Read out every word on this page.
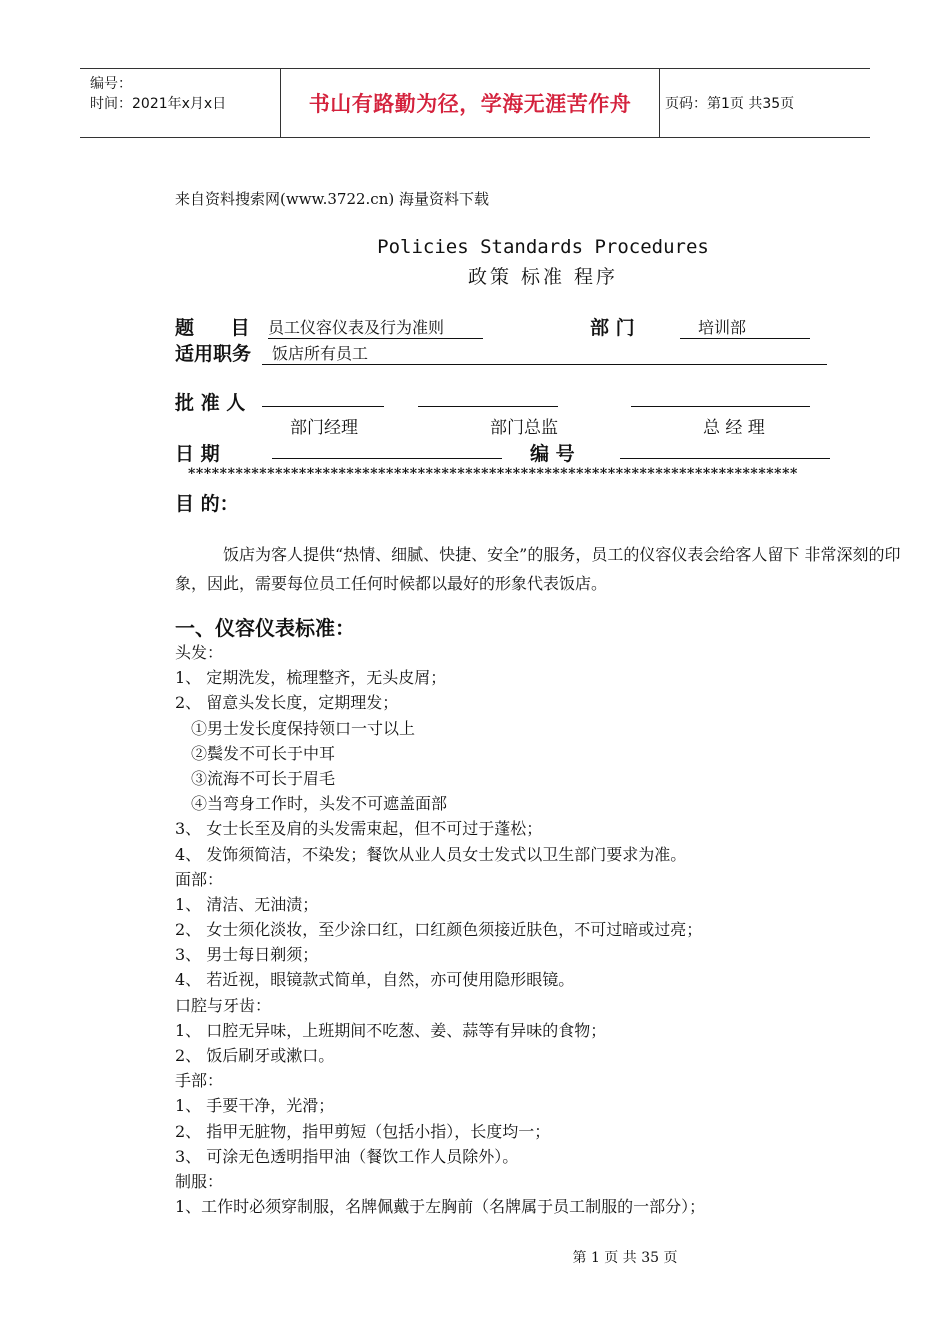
编号：
时间：2021年x月x日	书山有路勤为径，学海无涯苦作舟 页码：第1页 共35页
来自资料搜索网(www.3722.cn) 海量资料下载
Policies Standards Procedures
政策 标准 程序
题 目 员工仪容仪表及行为准则	部 门	培训部
适用职务	饭店所有员工
批 准 人
部门经理	部门总监	总 经 理
日 期	编 号
*****************************************************************************
目 的：
饭店为客人提供“热情、细腻、快捷、安全”的服务，员工的仪容仪表会给客人留下 非常深刻的印象，因此，需要每位员工任何时候都以最好的形象代表饭店。
一、仪容仪表标准：
头发：
1、 定期洗发，梳理整齐，无头皮屑；
2、 留意头发长度，定期理发；
①男士发长度保持领口一寸以上
②鬓发不可长于中耳
③流海不可长于眉毛
④当弯身工作时，头发不可遮盖面部
3、 女士长至及肩的头发需束起，但不可过于蓬松；
4、 发饰须简洁，不染发；餐饮从业人员女士发式以卫生部门要求为准。
面部：
1、 清洁、无油渍；
2、 女士须化淡妆，至少涂口红，口红颜色须接近肤色，不可过暗或过亮；
3、 男士每日剃须；
4、 若近视，眼镜款式简单，自然，亦可使用隐形眼镜。
口腔与牙齿：
1、 口腔无异味，上班期间不吃葱、姜、蒜等有异味的食物；
2、 饭后刷牙或漱口。
手部：
1、 手要干净，光滑；
2、 指甲无脏物，指甲剪短（包括小指），长度均一；
3、 可涂无色透明指甲油（餐饮工作人员除外）。
制服：
1、工作时必须穿制服，名牌佩戴于左胸前（名牌属于员工制服的一部分）；
第 1 页 共 35 页
